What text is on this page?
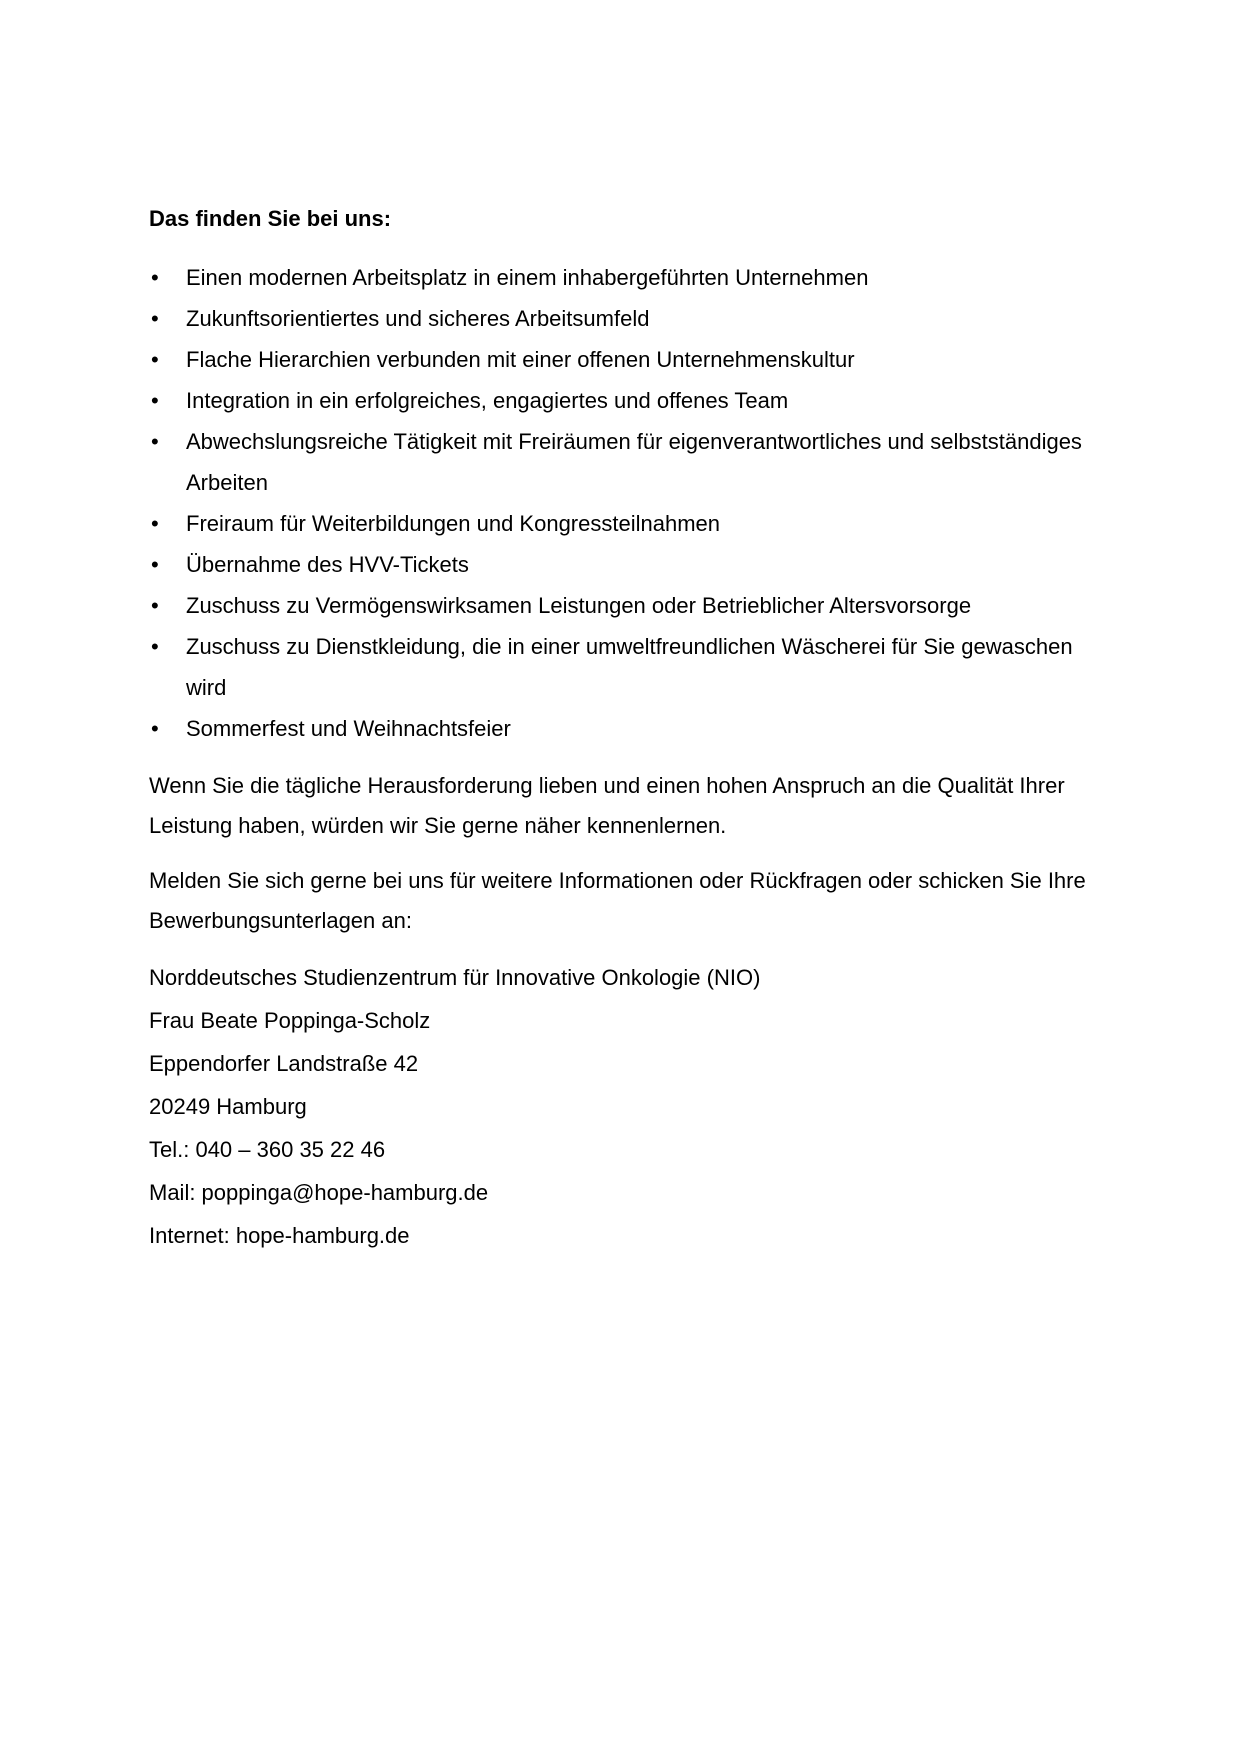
Das finden Sie bei uns:

• Einen modernen Arbeitsplatz in einem inhabergeführten Unternehmen
• Zukunftsorientiertes und sicheres Arbeitsumfeld
• Flache Hierarchien verbunden mit einer offenen Unternehmenskultur
• Integration in ein erfolgreiches, engagiertes und offenes Team
• Abwechslungsreiche Tätigkeit mit Freiräumen für eigenverantwortliches und selbstständiges Arbeiten
• Freiraum für Weiterbildungen und Kongressteilnahmen
• Übernahme des HVV-Tickets
• Zuschuss zu Vermögenswirksamen Leistungen oder Betrieblicher Altersvorsorge
• Zuschuss zu Dienstkleidung, die in einer umweltfreundlichen Wäscherei für Sie gewaschen wird
• Sommerfest und Weihnachtsfeier

Wenn Sie die tägliche Herausforderung lieben und einen hohen Anspruch an die Qualität Ihrer Leistung haben, würden wir Sie gerne näher kennenlernen.

Melden Sie sich gerne bei uns für weitere Informationen oder Rückfragen oder schicken Sie Ihre Bewerbungsunterlagen an:

Norddeutsches Studienzentrum für Innovative Onkologie (NIO)
Frau Beate Poppinga-Scholz
Eppendorfer Landstraße 42
20249 Hamburg
Tel.: 040 – 360 35 22 46
Mail: poppinga@hope-hamburg.de
Internet: hope-hamburg.de
